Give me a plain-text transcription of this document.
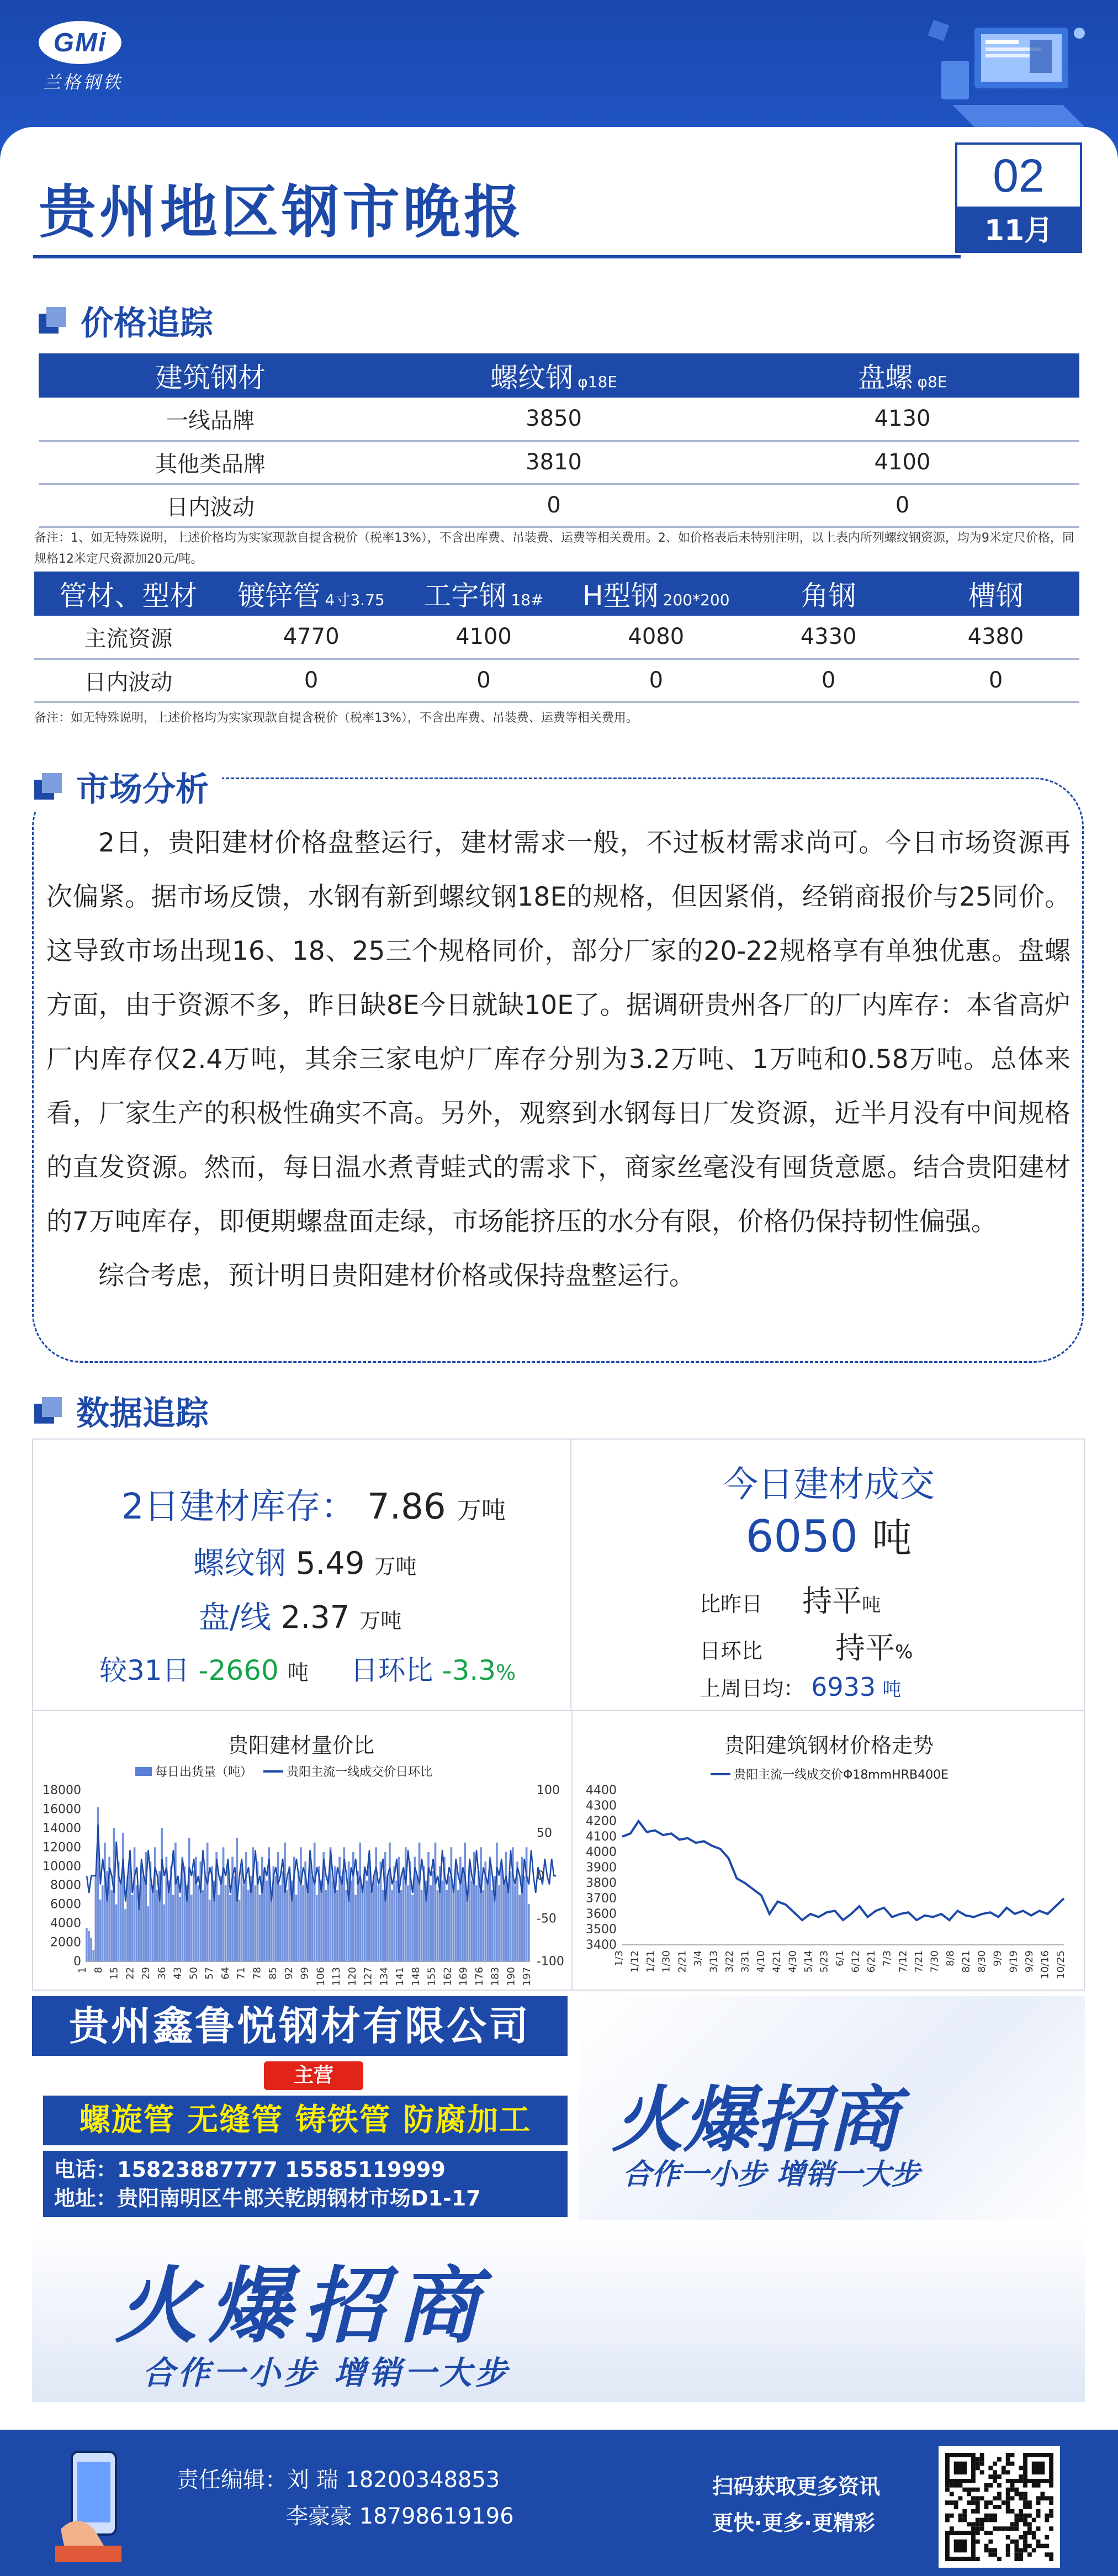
GMi
兰格钢铁
贵州地区钢市晚报
02
11月
价格追踪
建筑钢材	螺纹钢 φ18E	盘螺 φ8E
一线品牌	3850	4130
其他类品牌	3810	4100
日内波动	0	0
备注：1、如无特殊说明，上述价格均为实家现款自提含税价（税率13%），不含出库费、吊装费、运费等相关费用。2、如价格表后未特别注明，以上表内所列螺纹钢资源，均为9米定尺价格，同规格12米定尺资源加20元/吨。
管材、型材	镀锌管 4寸3.75	工字钢 18#	H型钢 200*200	角钢	槽钢
主流资源	4770	4100	4080	4330	4380
日内波动	0	0	0	0	0
备注：如无特殊说明，上述价格均为实家现款自提含税价（税率13%），不含出库费、吊装费、运费等相关费用。
市场分析

2日，贵阳建材价格盘整运行，建材需求一般，不过板材需求尚可。今日市场资源再次偏紧。据市场反馈，水钢有新到螺纹钢18E的规格，但因紧俏，经销商报价与25同价。这导致市场出现16、18、25三个规格同价，部分厂家的20-22规格享有单独优惠。盘螺方面，由于资源不多，昨日缺8E今日就缺10E了。据调研贵州各厂的厂内库存：本省高炉厂内库存仅2.4万吨，其余三家电炉厂库存分别为3.2万吨、1万吨和0.58万吨。总体来看，厂家生产的积极性确实不高。另外，观察到水钢每日厂发资源，近半月没有中间规格的直发资源。然而，每日温水煮青蛙式的需求下，商家丝毫没有囤货意愿。结合贵阳建材的7万吨库存，即便期螺盘面走绿，市场能挤压的水分有限，价格仍保持韧性偏强。

综合考虑，预计明日贵阳建材价格或保持盘整运行。

数据追踪
2日建材库存： 7.86 万吨
螺纹钢 5.49 万吨
盘/线 2.37 万吨
较31日 -2660 吨 日环比 -3.3%
今日建材成交
6050 吨
比昨日 持平吨
日环比 持平%
上周日均： 6933 吨
贵阳建材量价比
每日出货量（吨）	贵阳主流一线成交价日环比
0
2000
4000
6000
8000
10000
12000
14000
16000
18000
-100
-50
0
50
100
1 8 15 22 29 36 43 50 57 64 71 78 85 92 99 106 113 120 127 134 141 148 155 162 169 176 183 190 197
贵阳建筑钢材价格走势
贵阳主流一线成交价Φ18mmHRB400E
3400
3500
3600
3700
3800
3900
4000
4100
4200
4300
4400
1/3 1/12 1/21 1/30 2/21 3/4 3/13 3/22 3/31 4/10 4/21 4/30 5/14 5/23 6/1 6/12 6/21 7/3 7/12 7/21 7/30 8/8 8/21 8/30 9/9 9/19 9/29 10/16 10/25
贵州鑫鲁悦钢材有限公司
主营
螺旋管 无缝管 铸铁管 防腐加工
电话：15823887777 15585119999
地址：贵阳南明区牛郎关乾朗钢材市场D1-17
火爆招商
合作一小步 增销一大步
火爆招商
合作一小步 增销一大步
责任编辑：刘 瑞 18200348853
李豪豪 18798619196
扫码获取更多资讯
更快·更多·更精彩
